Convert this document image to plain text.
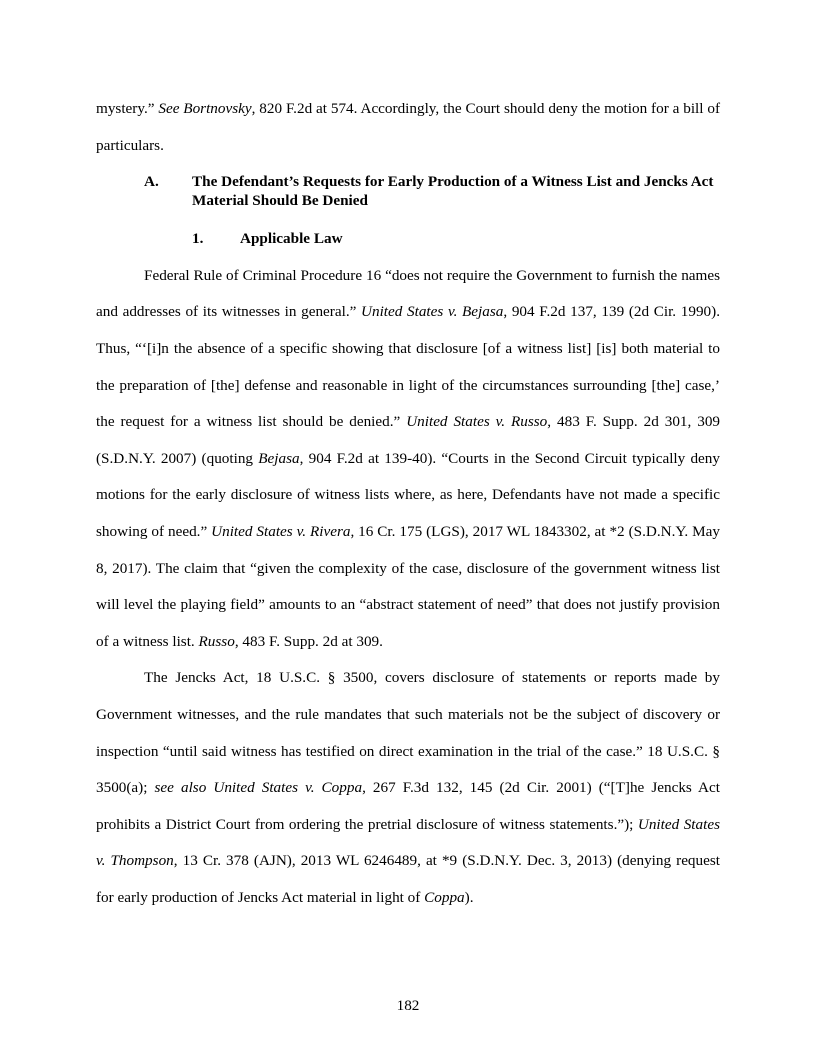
mystery.” See Bortnovsky, 820 F.2d at 574. Accordingly, the Court should deny the motion for a bill of particulars.

A. The Defendant’s Requests for Early Production of a Witness List and Jencks Act Material Should Be Denied

1. Applicable Law

Federal Rule of Criminal Procedure 16 “does not require the Government to furnish the names and addresses of its witnesses in general.” United States v. Bejasa, 904 F.2d 137, 139 (2d Cir. 1990). Thus, “‘[i]n the absence of a specific showing that disclosure [of a witness list] [is] both material to the preparation of [the] defense and reasonable in light of the circumstances surrounding [the] case,’ the request for a witness list should be denied.” United States v. Russo, 483 F. Supp. 2d 301, 309 (S.D.N.Y. 2007) (quoting Bejasa, 904 F.2d at 139-40). “Courts in the Second Circuit typically deny motions for the early disclosure of witness lists where, as here, Defendants have not made a specific showing of need.” United States v. Rivera, 16 Cr. 175 (LGS), 2017 WL 1843302, at *2 (S.D.N.Y. May 8, 2017). The claim that “given the complexity of the case, disclosure of the government witness list will level the playing field” amounts to an “abstract statement of need” that does not justify provision of a witness list. Russo, 483 F. Supp. 2d at 309.

The Jencks Act, 18 U.S.C. § 3500, covers disclosure of statements or reports made by Government witnesses, and the rule mandates that such materials not be the subject of discovery or inspection “until said witness has testified on direct examination in the trial of the case.” 18 U.S.C. § 3500(a); see also United States v. Coppa, 267 F.3d 132, 145 (2d Cir. 2001) (“[T]he Jencks Act prohibits a District Court from ordering the pretrial disclosure of witness statements.”); United States v. Thompson, 13 Cr. 378 (AJN), 2013 WL 6246489, at *9 (S.D.N.Y. Dec. 3, 2013) (denying request for early production of Jencks Act material in light of Coppa).

182
